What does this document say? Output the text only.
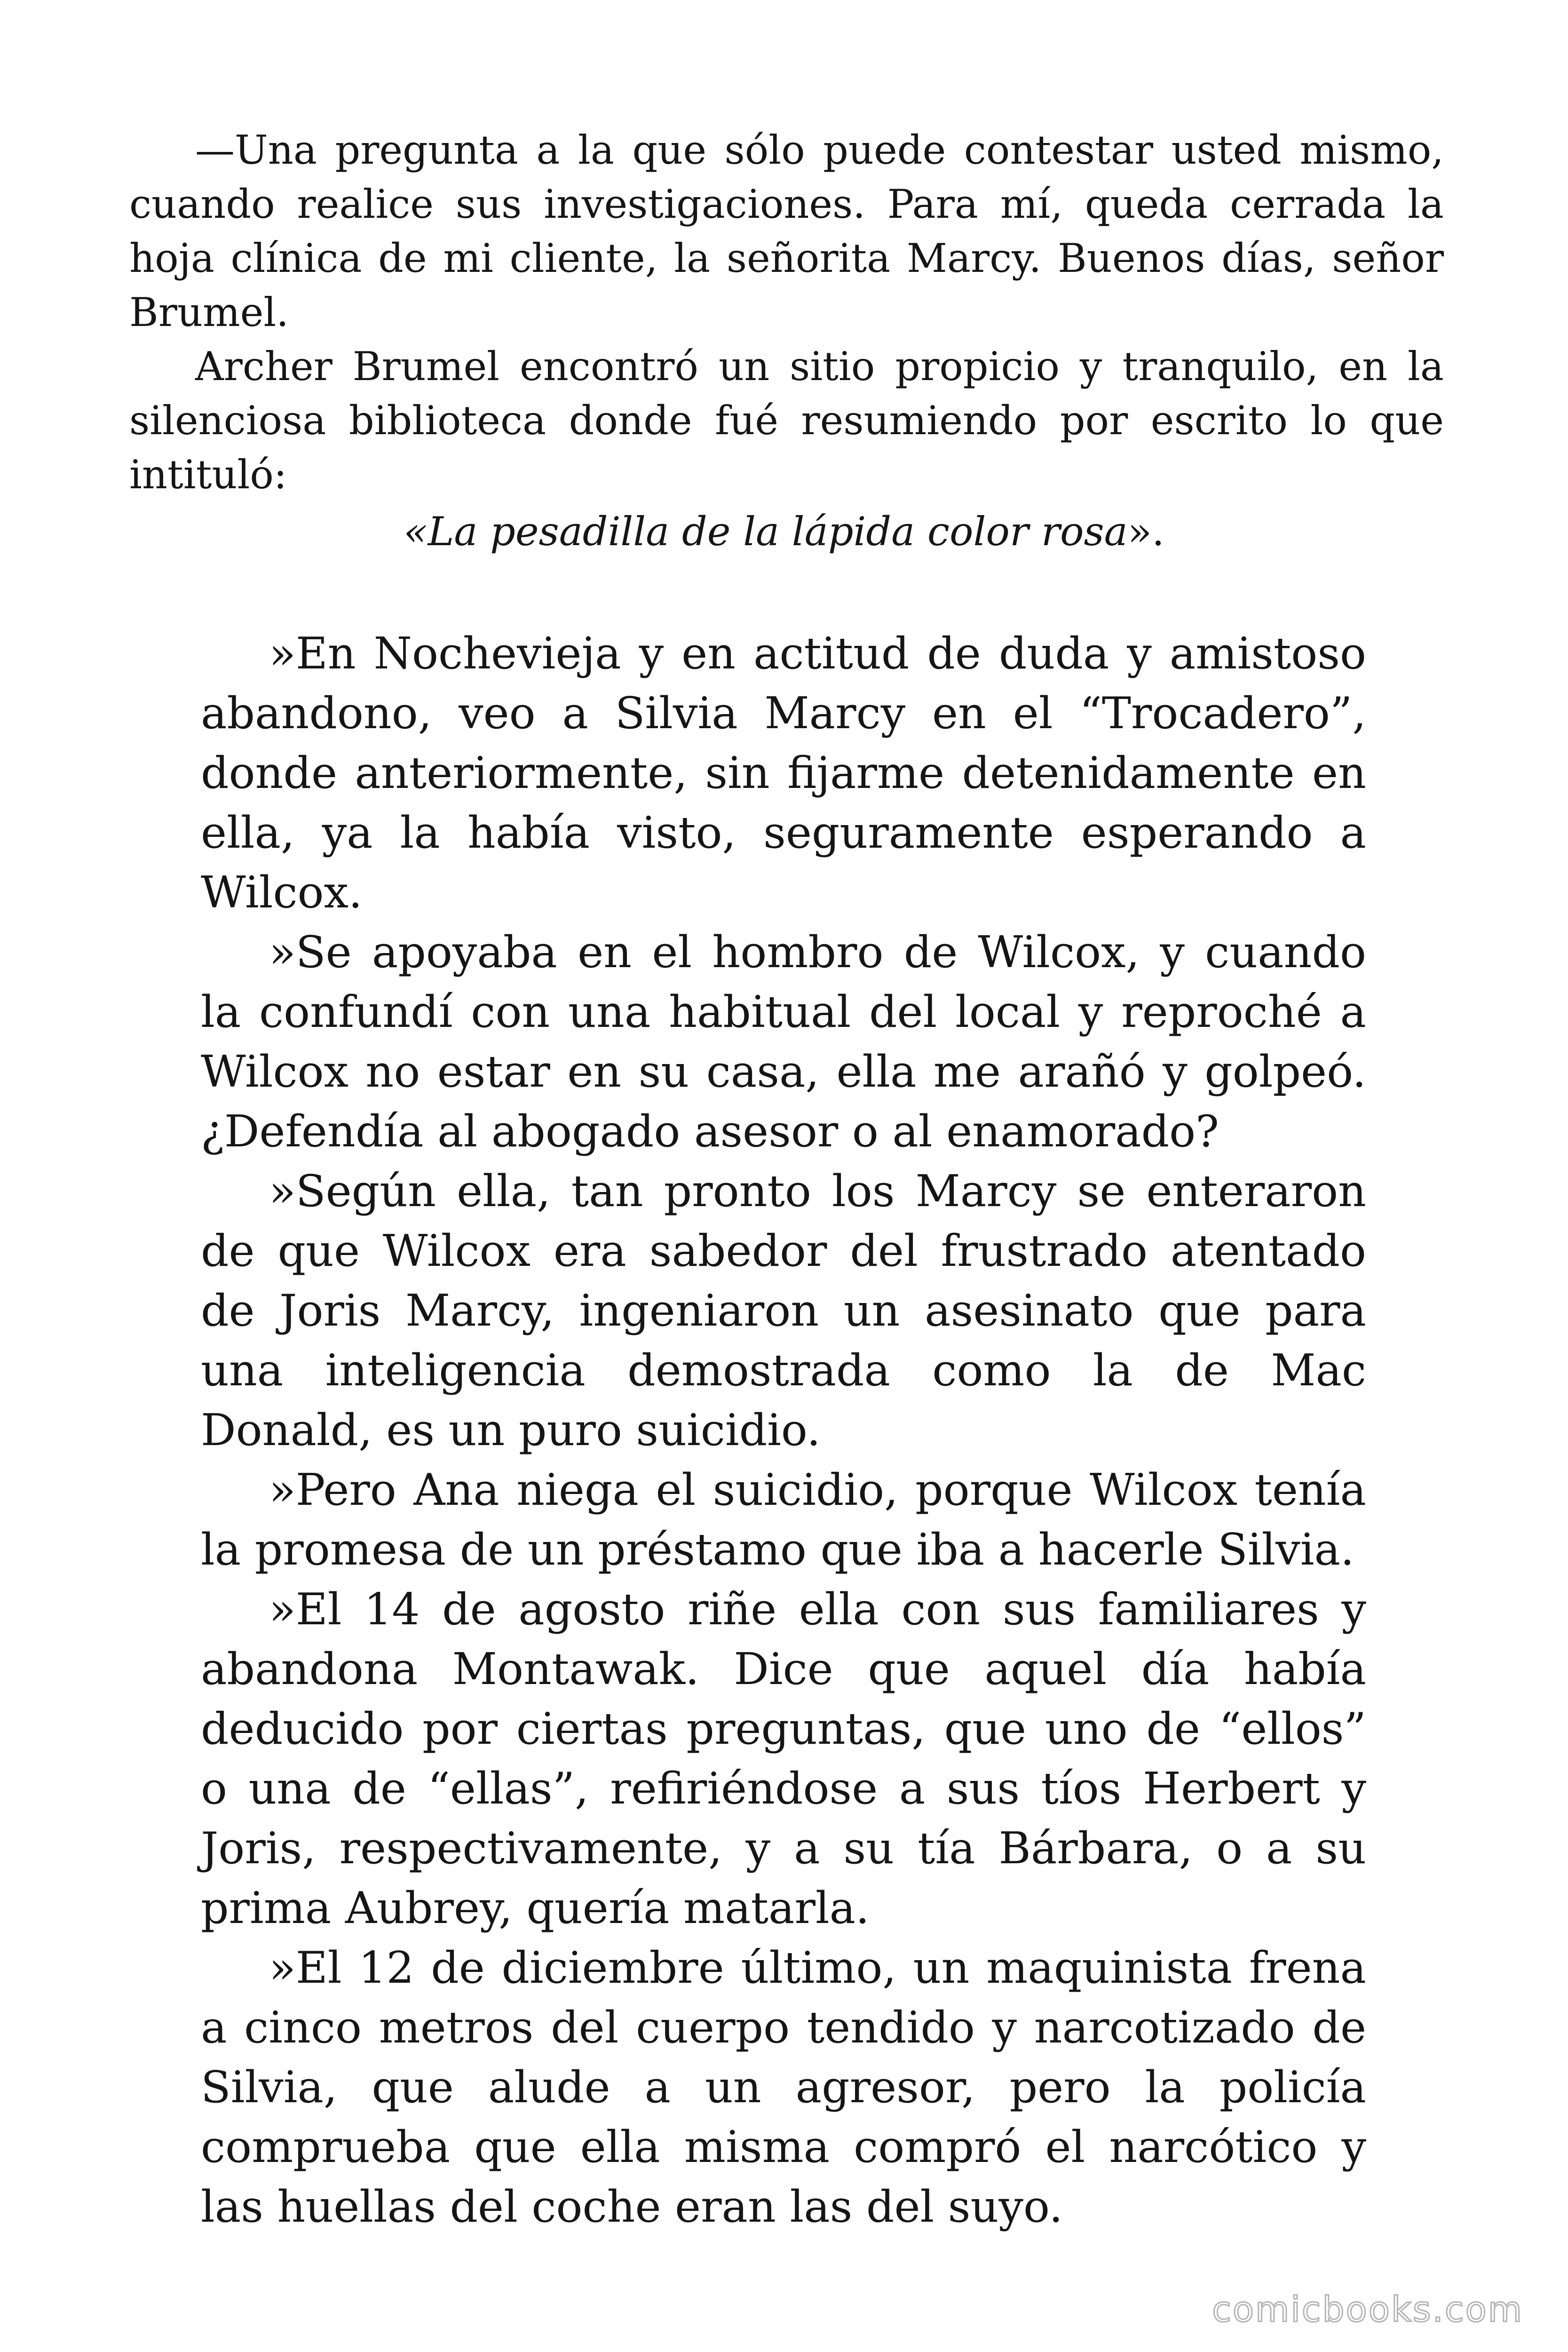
—Una pregunta a la que sólo puede contestar usted mismo, cuando realice sus investigaciones. Para mí, queda cerrada la hoja clínica de mi cliente, la señorita Marcy. Buenos días, señor Brumel.

Archer Brumel encontró un sitio propicio y tranquilo, en la silenciosa biblioteca donde fué resumiendo por escrito lo que intituló:

«La pesadilla de la lápida color rosa».

»En Nochevieja y en actitud de duda y amistoso abandono, veo a Silvia Marcy en el “Trocadero”, donde anteriormente, sin fijarme detenidamente en ella, ya la había visto, seguramente esperando a Wilcox.

»Se apoyaba en el hombro de Wilcox, y cuando la confundí con una habitual del local y reproché a Wilcox no estar en su casa, ella me arañó y golpeó. ¿Defendía al abogado asesor o al enamorado?

»Según ella, tan pronto los Marcy se enteraron de que Wilcox era sabedor del frustrado atentado de Joris Marcy, ingeniaron un asesinato que para una inteligencia demostrada como la de Mac Donald, es un puro suicidio.

»Pero Ana niega el suicidio, porque Wilcox tenía la promesa de un préstamo que iba a hacerle Silvia.

»El 14 de agosto riñe ella con sus familiares y abandona Montawak. Dice que aquel día había deducido por ciertas preguntas, que uno de “ellos” o una de “ellas”, refiriéndose a sus tíos Herbert y Joris, respectivamente, y a su tía Bárbara, o a su prima Aubrey, quería matarla.

»El 12 de diciembre último, un maquinista frena a cinco metros del cuerpo tendido y narcotizado de Silvia, que alude a un agresor, pero la policía comprueba que ella misma compró el narcótico y las huellas del coche eran las del suyo.

comicbooks.com
